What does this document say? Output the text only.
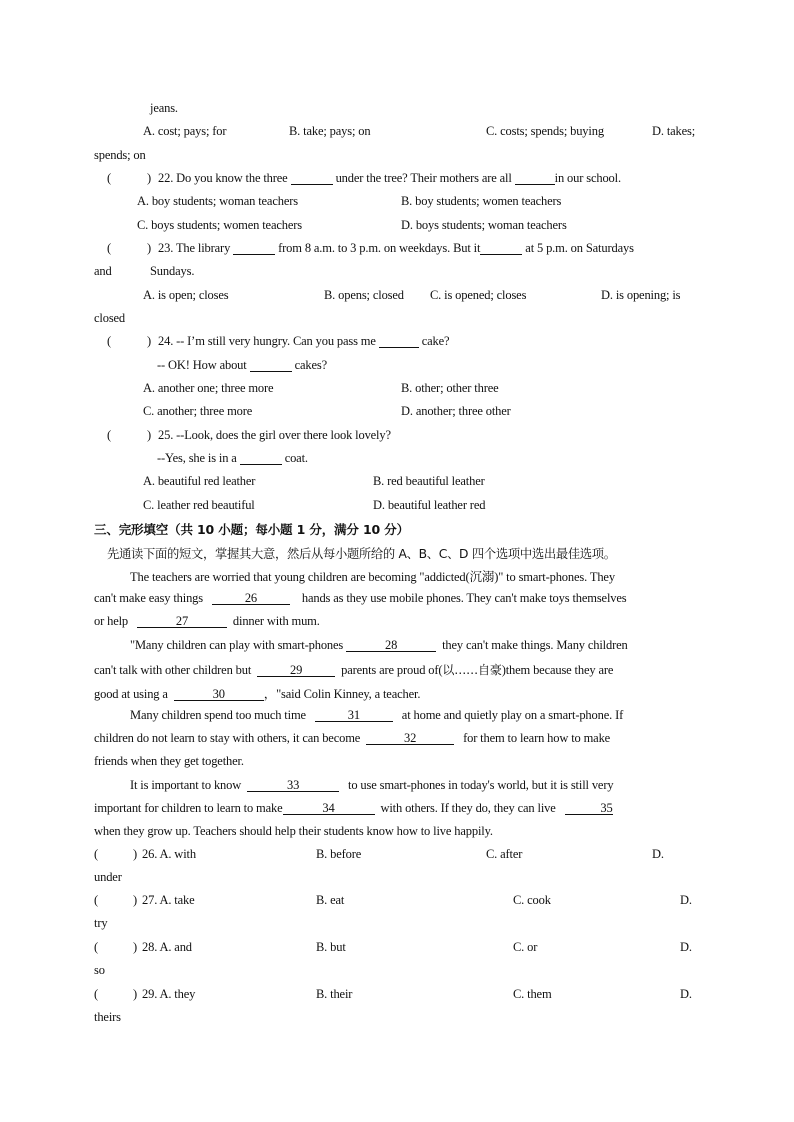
jeans.
A. cost; pays; for	B. take; pays; on	C. costs; spends; buying	D. takes;
spends; on
(	) 22. Do you know the three	under the tree? Their mothers are all	in our school.
A. boy students; woman teachers	B. boy students; women teachers
C. boys students; women teachers	D. boys students; woman teachers
(	) 23. The library	from 8 a.m. to 3 p.m. on weekdays. But it	at 5 p.m. on Saturdays
and	Sundays.
A. is open; closes	B. opens; closed C. is opened; closes	D. is opening; is
closed
(	) 24. -- I’m still very hungry. Can you pass me	cake?
-- OK! How about	cakes?
A. another one; three more	B. other; other three
C. another; three more	D. another; three other
(	) 25. --Look, does the girl over there look lovely?
--Yes, she is in a	coat.
A. beautiful red leather	B. red beautiful leather
C. leather red beautiful	D. beautiful leather red
三、完形填空（共 10 小题；每小题 1 分，满分 10 分）
先通读下面的短文，掌握其大意，然后从每小题所给的 A、B、C、D 四个选项中选出最佳选项。
The teachers are worried that young children are becoming "addicted(沉溺)" to smart-phones. They
can't make easy things	26	hands as they use mobile phones. They can't make toys themselves
or help	27	dinner with mum.
"Many children can play with smart-phones	28	they can't make things. Many children
can't talk with other children but	29	parents are proud of(以……自豪)them because they are
good at using a	30	，"said Colin Kinney, a teacher.
Many children spend too much time	31	at home and quietly play on a smart-phone. If
children do not learn to stay with others, it can become	32	for them to learn how to make
friends when they get together.
It is important to know	33	to use smart-phones in today's world, but it is still very
important for children to learn to make	34	with others. If they do, they can live	35
when they grow up. Teachers should help their students know how to live happily.
(	) 26. A. with	B. before	C. after	D.
under
(	) 27. A. take	B. eat	C. cook	D.
try
(	) 28. A. and	B. but	C. or	D.
so
(	) 29. A. they	B. their	C. them	D.
theirs
